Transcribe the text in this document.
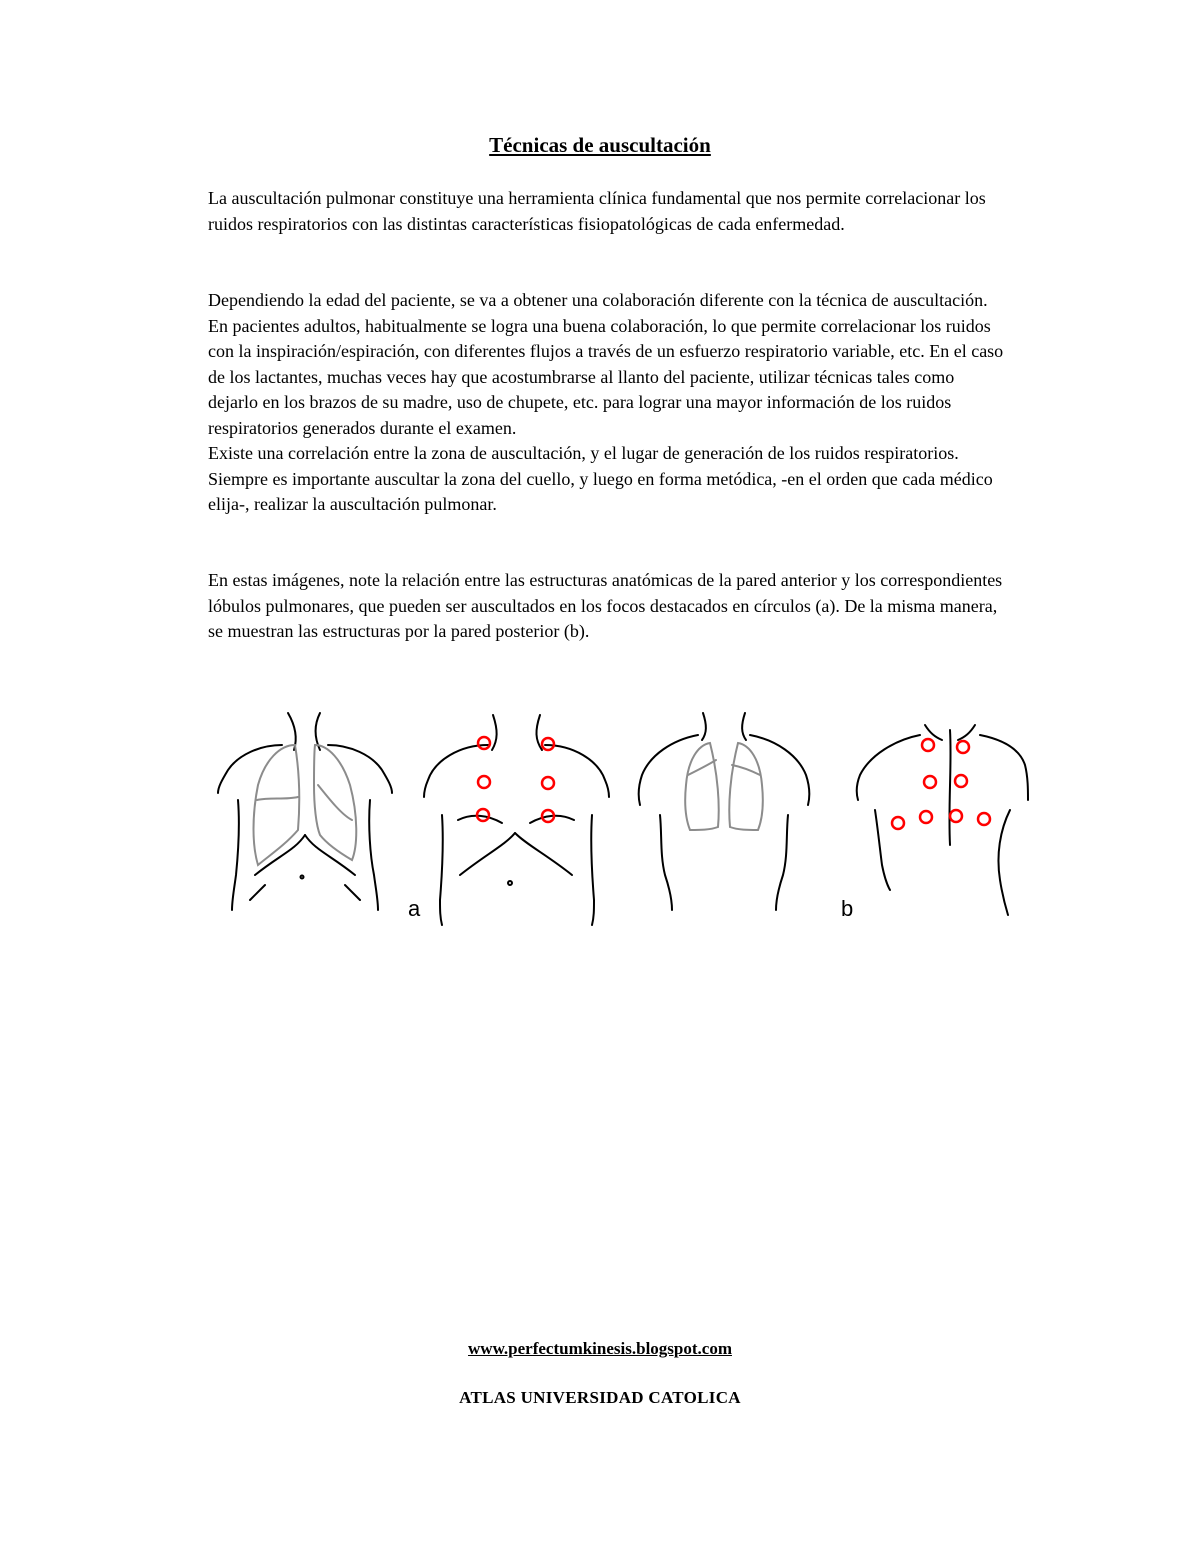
Técnicas de auscultación

La auscultación pulmonar constituye una herramienta clínica fundamental que nos permite correlacionar los ruidos respiratorios con las distintas características fisiopatológicas de cada enfermedad.

Dependiendo la edad del paciente, se va a obtener una colaboración diferente con la técnica de auscultación. En pacientes adultos, habitualmente se logra una buena colaboración, lo que permite correlacionar los ruidos con la inspiración/espiración, con diferentes flujos a través de un esfuerzo respiratorio variable, etc. En el caso de los lactantes, muchas veces hay que acostumbrarse al llanto del paciente, utilizar técnicas tales como dejarlo en los brazos de su madre, uso de chupete, etc. para lograr una mayor información de los ruidos respiratorios generados durante el examen.

Existe una correlación entre la zona de auscultación, y el lugar de generación de los ruidos respiratorios. Siempre es importante auscultar la zona del cuello, y luego en forma metódica, -en el orden que cada médico elija-, realizar la auscultación pulmonar.

En estas imágenes, note la relación entre las estructuras anatómicas de la pared anterior y los correspondientes lóbulos pulmonares, que pueden ser auscultados en los focos destacados en círculos (a). De la misma manera, se muestran las estructuras por la pared posterior (b).

a	b
www.perfectumkinesis.blogspot.com
ATLAS UNIVERSIDAD CATOLICA
